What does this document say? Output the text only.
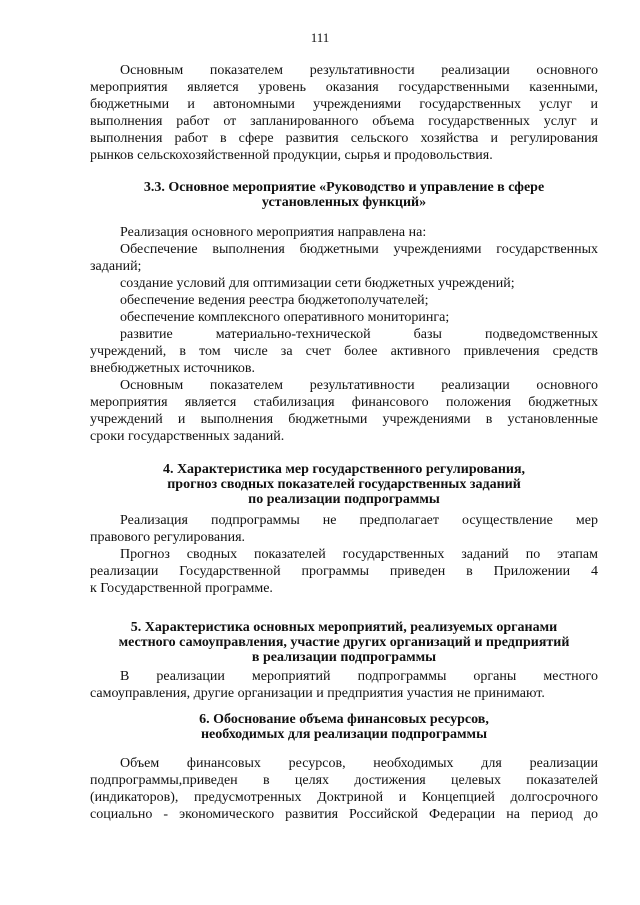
111
Основным показателем результативности реализации основного
мероприятия является уровень оказания государственными казенными,
бюджетными и автономными учреждениями государственных услуг и
выполнения работ от запланированного объема государственных услуг и
выполнения работ в сфере развития сельского хозяйства и регулирования
рынков сельскохозяйственной продукции, сырья и продовольствия.
3.3. Основное мероприятие «Руководство и управление в сфере
установленных функций»
Реализация основного мероприятия направлена на:
Обеспечение выполнения бюджетными учреждениями государственных
заданий;
создание условий для оптимизации сети бюджетных учреждений;
обеспечение ведения реестра бюджетополучателей;
обеспечение комплексного оперативного мониторинга;
развитие материально-технической базы подведомственных
учреждений, в том числе за счет более активного привлечения средств
внебюджетных источников.
Основным показателем результативности реализации основного
мероприятия является стабилизация финансового положения бюджетных
учреждений и выполнения бюджетными учреждениями в установленные
сроки государственных заданий.
4. Характеристика мер государственного регулирования,
прогноз сводных показателей государственных заданий
по реализации подпрограммы
Реализация подпрограммы не предполагает осуществление мер
правового регулирования.
Прогноз сводных показателей государственных заданий по этапам
реализации Государственной программы приведен в Приложении 4
к Государственной программе.
5. Характеристика основных мероприятий, реализуемых органами
местного самоуправления, участие других организаций и предприятий
в реализации подпрограммы
В реализации мероприятий подпрограммы органы местного
самоуправления, другие организации и предприятия участия не принимают.
6. Обоснование объема финансовых ресурсов,
необходимых для реализации подпрограммы
Объем финансовых ресурсов, необходимых для реализации
подпрограммы,приведен в целях достижения целевых показателей
(индикаторов), предусмотренных Доктриной и Концепцией долгосрочного
социально - экономического развития Российской Федерации на период до
